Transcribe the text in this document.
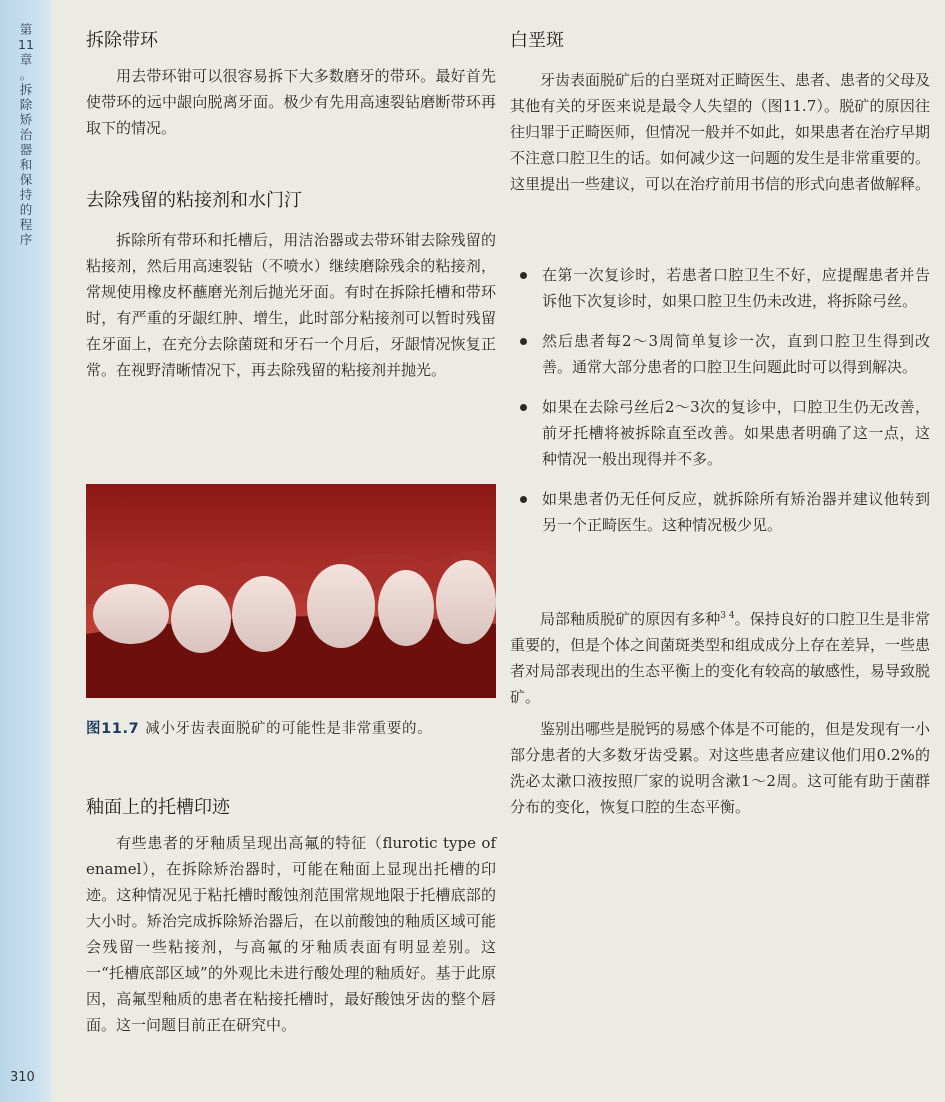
第
11
章
。
拆
除
矫
治
器
和
保
持
的
程
序
310
拆除带环

用去带环钳可以很容易拆下大多数磨牙的带环。最好首先使带环的远中龈向脱离牙面。极少有先用高速裂钻磨断带环再取下的情况。

去除残留的粘接剂和水门汀

拆除所有带环和托槽后，用洁治器或去带环钳去除残留的粘接剂，然后用高速裂钻（不喷水）继续磨除残余的粘接剂，常规使用橡皮杯蘸磨光剂后抛光牙面。有时在拆除托槽和带环时，有严重的牙龈红肿、增生，此时部分粘接剂可以暂时残留在牙面上，在充分去除菌斑和牙石一个月后，牙龈情况恢复正常。在视野清晰情况下，再去除残留的粘接剂并抛光。

图11.7 减小牙齿表面脱矿的可能性是非常重要的。
釉面上的托槽印迹

有些患者的牙釉质呈现出高氟的特征（flurotic type of enamel），在拆除矫治器时，可能在釉面上显现出托槽的印迹。这种情况见于粘托槽时酸蚀剂范围常规地限于托槽底部的大小时。矫治完成拆除矫治器后，在以前酸蚀的釉质区域可能会残留一些粘接剂，与高氟的牙釉质表面有明显差别。这一“托槽底部区域”的外观比未进行酸处理的釉质好。基于此原因，高氟型釉质的患者在粘接托槽时，最好酸蚀牙齿的整个唇面。这一问题目前正在研究中。

白垩斑

牙齿表面脱矿后的白垩斑对正畸医生、患者、患者的父母及其他有关的牙医来说是最令人失望的（图11.7）。脱矿的原因往往归罪于正畸医师，但情况一般并不如此，如果患者在治疗早期不注意口腔卫生的话。如何减少这一问题的发生是非常重要的。这里提出一些建议，可以在治疗前用书信的形式向患者做解释。

在第一次复诊时，若患者口腔卫生不好，应提醒患者并告诉他下次复诊时，如果口腔卫生仍未改进，将拆除弓丝。
然后患者每2～3周简单复诊一次，直到口腔卫生得到改善。通常大部分患者的口腔卫生问题此时可以得到解决。
如果在去除弓丝后2～3次的复诊中，口腔卫生仍无改善，前牙托槽将被拆除直至改善。如果患者明确了这一点，这种情况一般出现得并不多。
如果患者仍无任何反应，就拆除所有矫治器并建议他转到另一个正畸医生。这种情况极少见。

局部釉质脱矿的原因有多种$^{3 4}$。保持良好的口腔卫生是非常重要的，但是个体之间菌斑类型和组成成分上存在差异，一些患者对局部表现出的生态平衡上的变化有较高的敏感性，易导致脱矿。

鉴别出哪些是脱钙的易感个体是不可能的，但是发现有一小部分患者的大多数牙齿受累。对这些患者应建议他们用0.2%的洗必太漱口液按照厂家的说明含漱1～2周。这可能有助于菌群分布的变化，恢复口腔的生态平衡。
